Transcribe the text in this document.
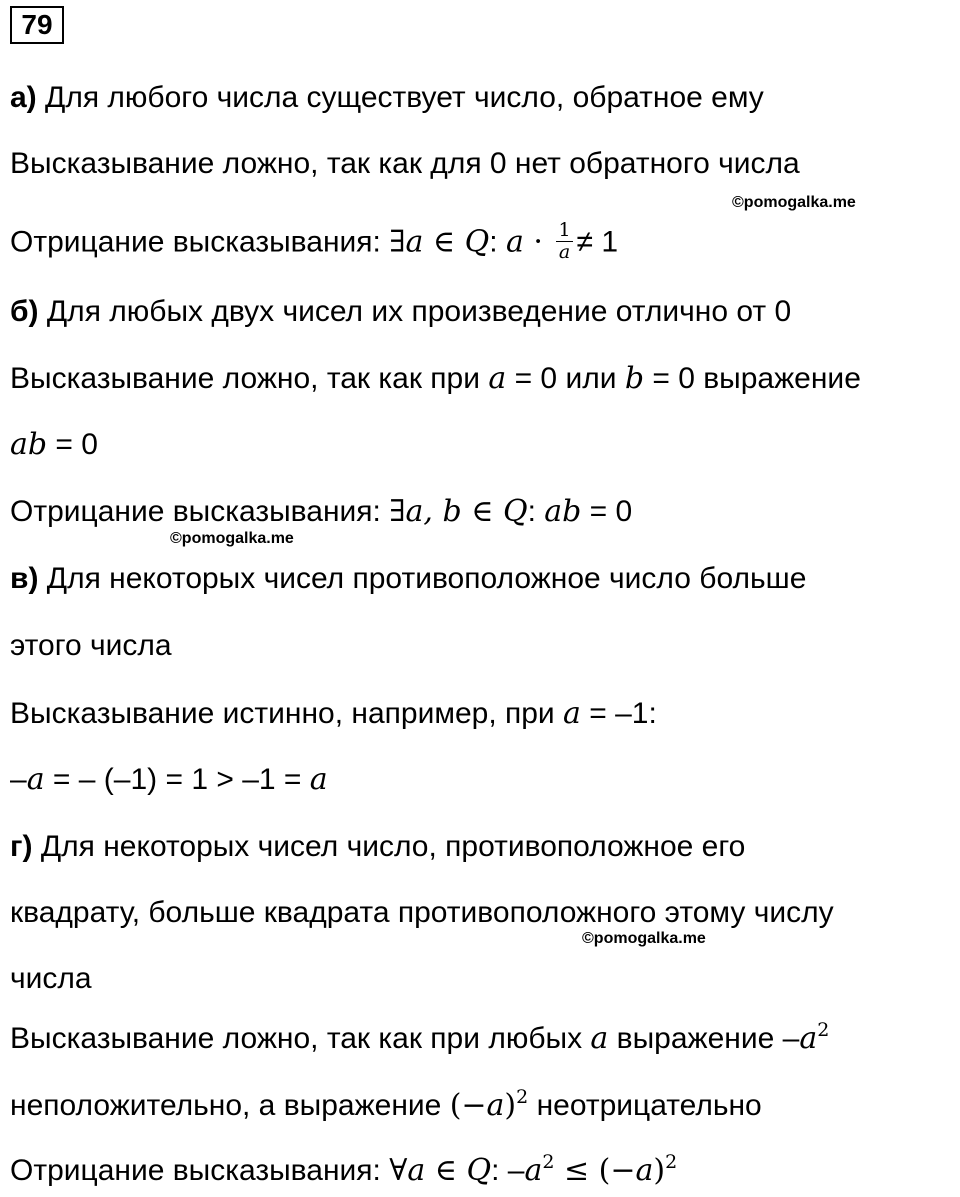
79
а) Для любого числа существует число, обратное ему
Высказывание ложно, так как для 0 нет обратного числа
©pomogalka.me
Отрицание высказывания: ∃a ∈ Q: $a \cdot \frac{1}{a} \ne 1$
б) Для любых двух чисел их произведение отлично от 0
Высказывание ложно, так как при a = 0 или b = 0 выражение
ab = 0
Отрицание высказывания: ∃a, b ∈ Q: ab = 0
©pomogalka.me
в) Для некоторых чисел противоположное число больше
этого числа
Высказывание истинно, например, при a = –1:
–a = – (–1) = 1 > –1 = a
г) Для некоторых чисел число, противоположное его
квадрату, больше квадрата противоположного этому числу
©pomogalka.me
числа
Высказывание ложно, так как при любых a выражение $-a^2$
неположительно, а выражение $(-a)^2$ неотрицательно
Отрицание высказывания: ∀a ∈ Q: $-a^2 \le (-a)^2$
